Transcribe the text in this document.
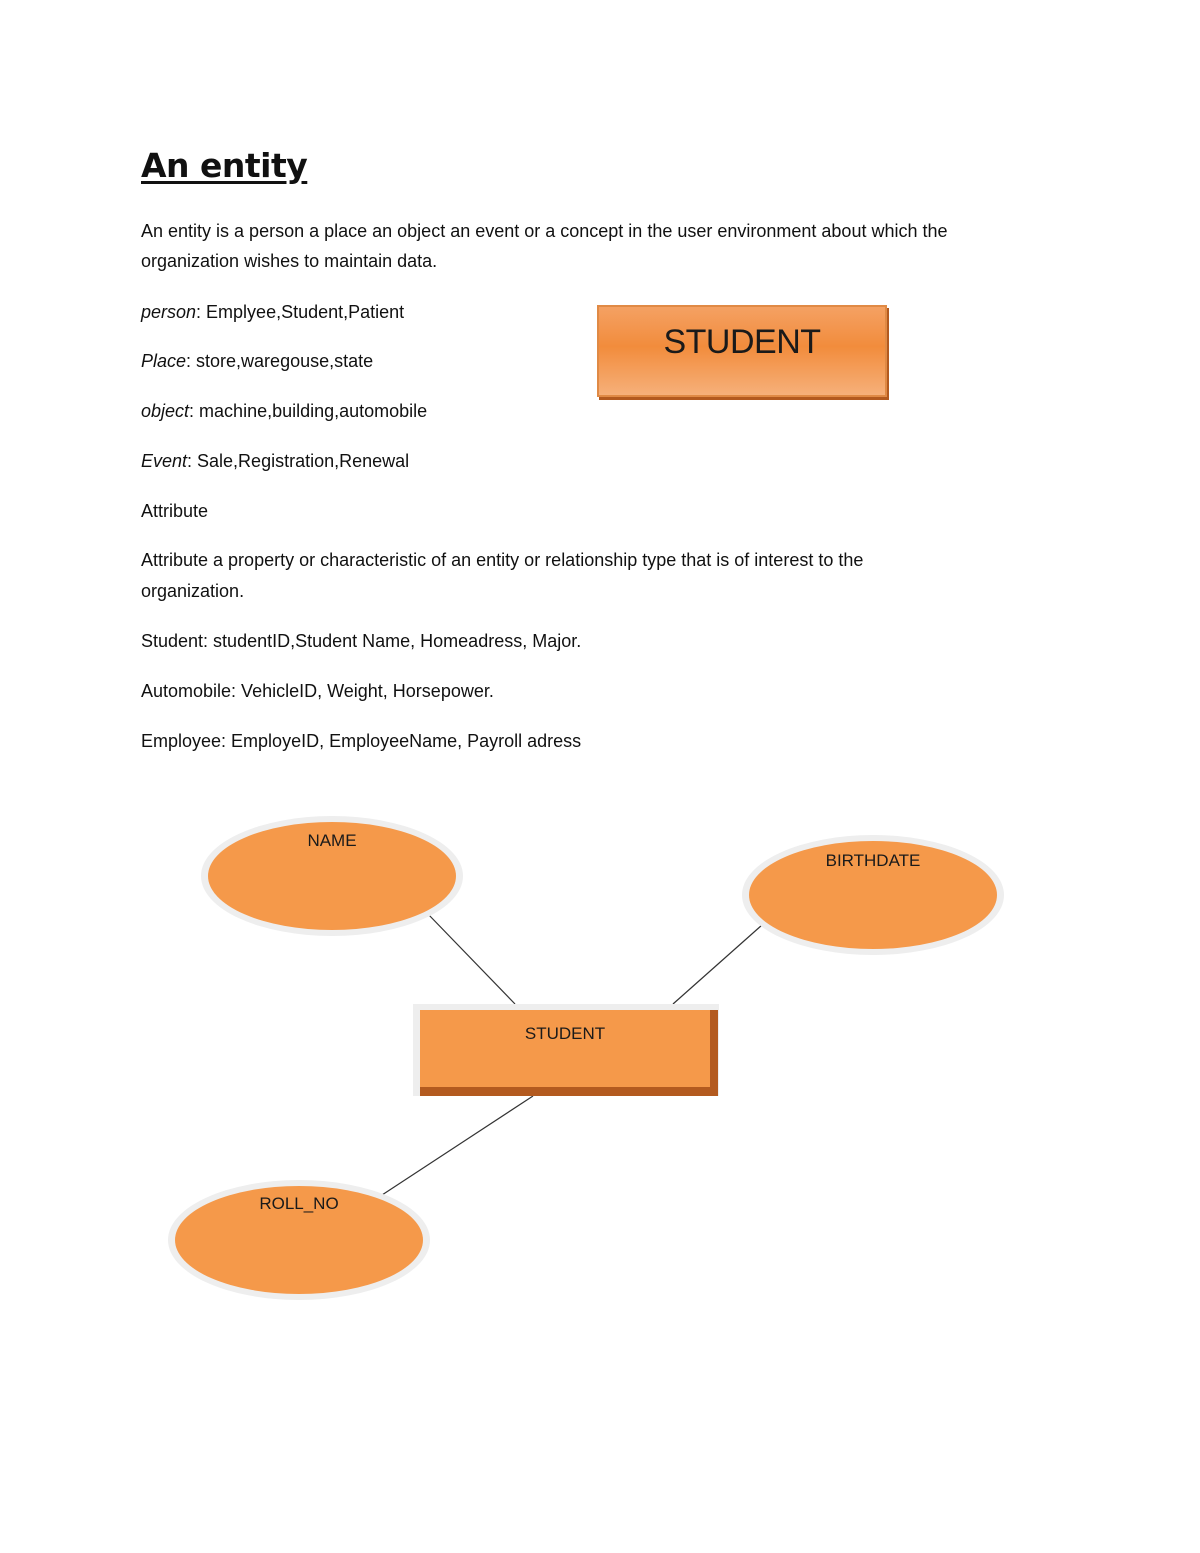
An entity

An entity is a person a place an object an event or a concept in the user environment about which the

organization wishes to maintain data.

person: Emplyee,Student,Patient

Place: store,waregouse,state

object: machine,building,automobile

Event: Sale,Registration,Renewal

STUDENT

Attribute

Attribute a property or characteristic of an entity or relationship type that is of interest to the

organization.

Student: studentID,Student Name, Homeadress, Major.

Automobile: VehicleID, Weight, Horsepower.

Employee: EmployeID, EmployeeName, Payroll adress

NAME
BIRTHDATE
STUDENT
ROLL_NO
